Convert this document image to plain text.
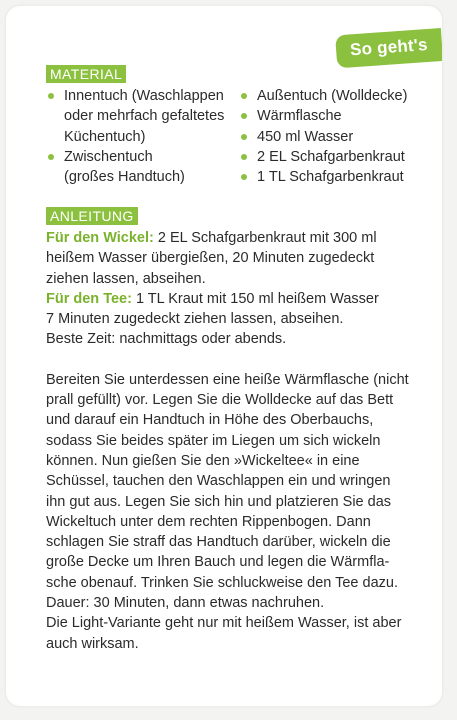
So geht's
MATERIAL
Innentuch (Waschlappen
oder mehrfach gefaltetes
Küchentuch)
Zwischentuch
(großes Handtuch)
Außentuch (Wolldecke)
Wärmflasche
450 ml Wasser
2 EL Schafgarbenkraut
1 TL Schafgarbenkraut
ANLEITUNG

Für den Wickel: 2 EL Schafgarbenkraut mit 300 ml
heißem Wasser übergießen, 20 Minuten zugedeckt
ziehen lassen, abseihen.

Für den Tee: 1 TL Kraut mit 150 ml heißem Wasser
7 Minuten zugedeckt ziehen lassen, abseihen.

Beste Zeit: nachmittags oder abends.

Bereiten Sie unterdessen eine heiße Wärmflasche (nicht
prall gefüllt) vor. Legen Sie die Wolldecke auf das Bett
und darauf ein Handtuch in Höhe des Oberbauchs,
sodass Sie beides später im Liegen um sich wickeln
können. Nun gießen Sie den »Wickeltee« in eine
Schüssel, tauchen den Waschlappen ein und wringen
ihn gut aus. Legen Sie sich hin und platzieren Sie das
Wickeltuch unter dem rechten Rippenbogen. Dann
schlagen Sie straff das Handtuch darüber, wickeln die
große Decke um Ihren Bauch und legen die Wärmfla-
sche obenauf. Trinken Sie schluckweise den Tee dazu.
Dauer: 30 Minuten, dann etwas nachruhen.
Die Light-Variante geht nur mit heißem Wasser, ist aber
auch wirksam.
